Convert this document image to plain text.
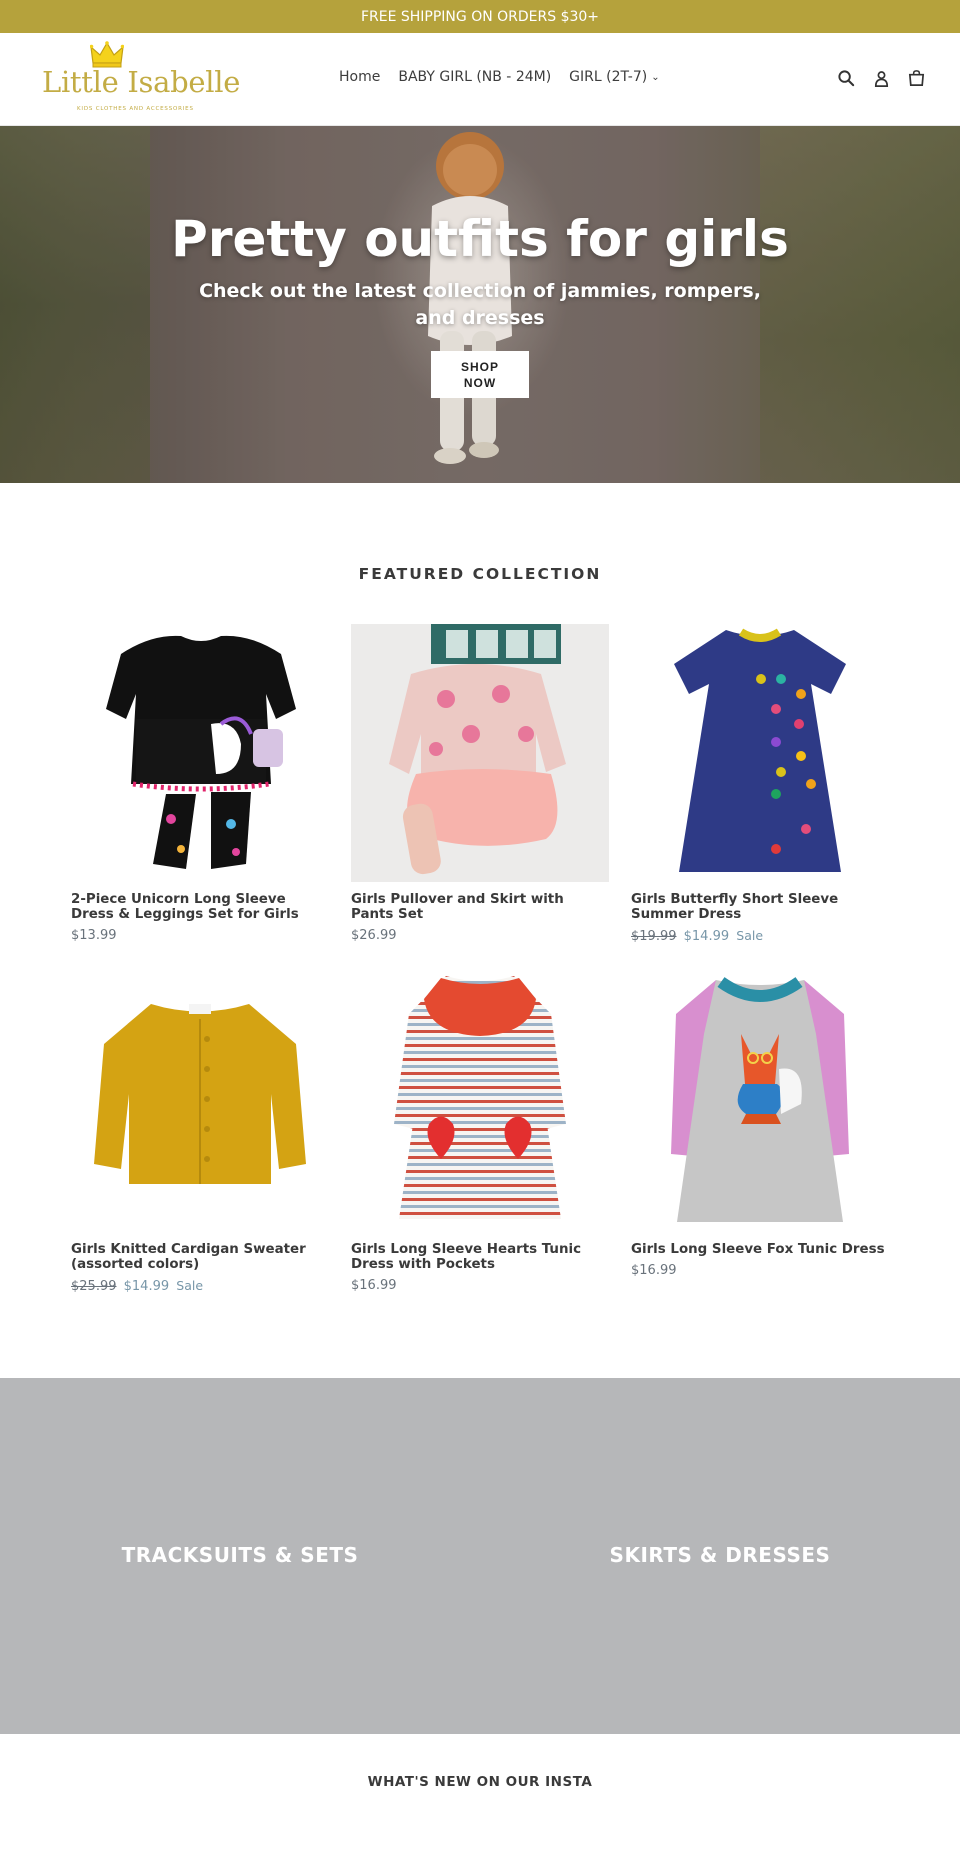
FREE SHIPPING ON ORDERS $30+
Little Isabelle
KIDS CLOTHES AND ACCESSORIES
Home BABY GIRL (NB - 24M) GIRL (2T-7) ⌄
Pretty outfits for girls

Check out the latest collection of jammies, rompers, and dresses

SHOP NOW
FEATURED COLLECTION
2-Piece Unicorn Long Sleeve Dress & Leggings Set for Girls
$13.99
Girls Pullover and Skirt with Pants Set
$26.99
Girls Butterfly Short Sleeve Summer Dress
$19.99 $14.99 Sale
Girls Knitted Cardigan Sweater (assorted colors)
$25.99 $14.99 Sale
Girls Long Sleeve Hearts Tunic Dress with Pockets
$16.99
Girls Long Sleeve Fox Tunic Dress
$16.99
TRACKSUITS & SETS	SKIRTS & DRESSES
WHAT'S NEW ON OUR INSTA
